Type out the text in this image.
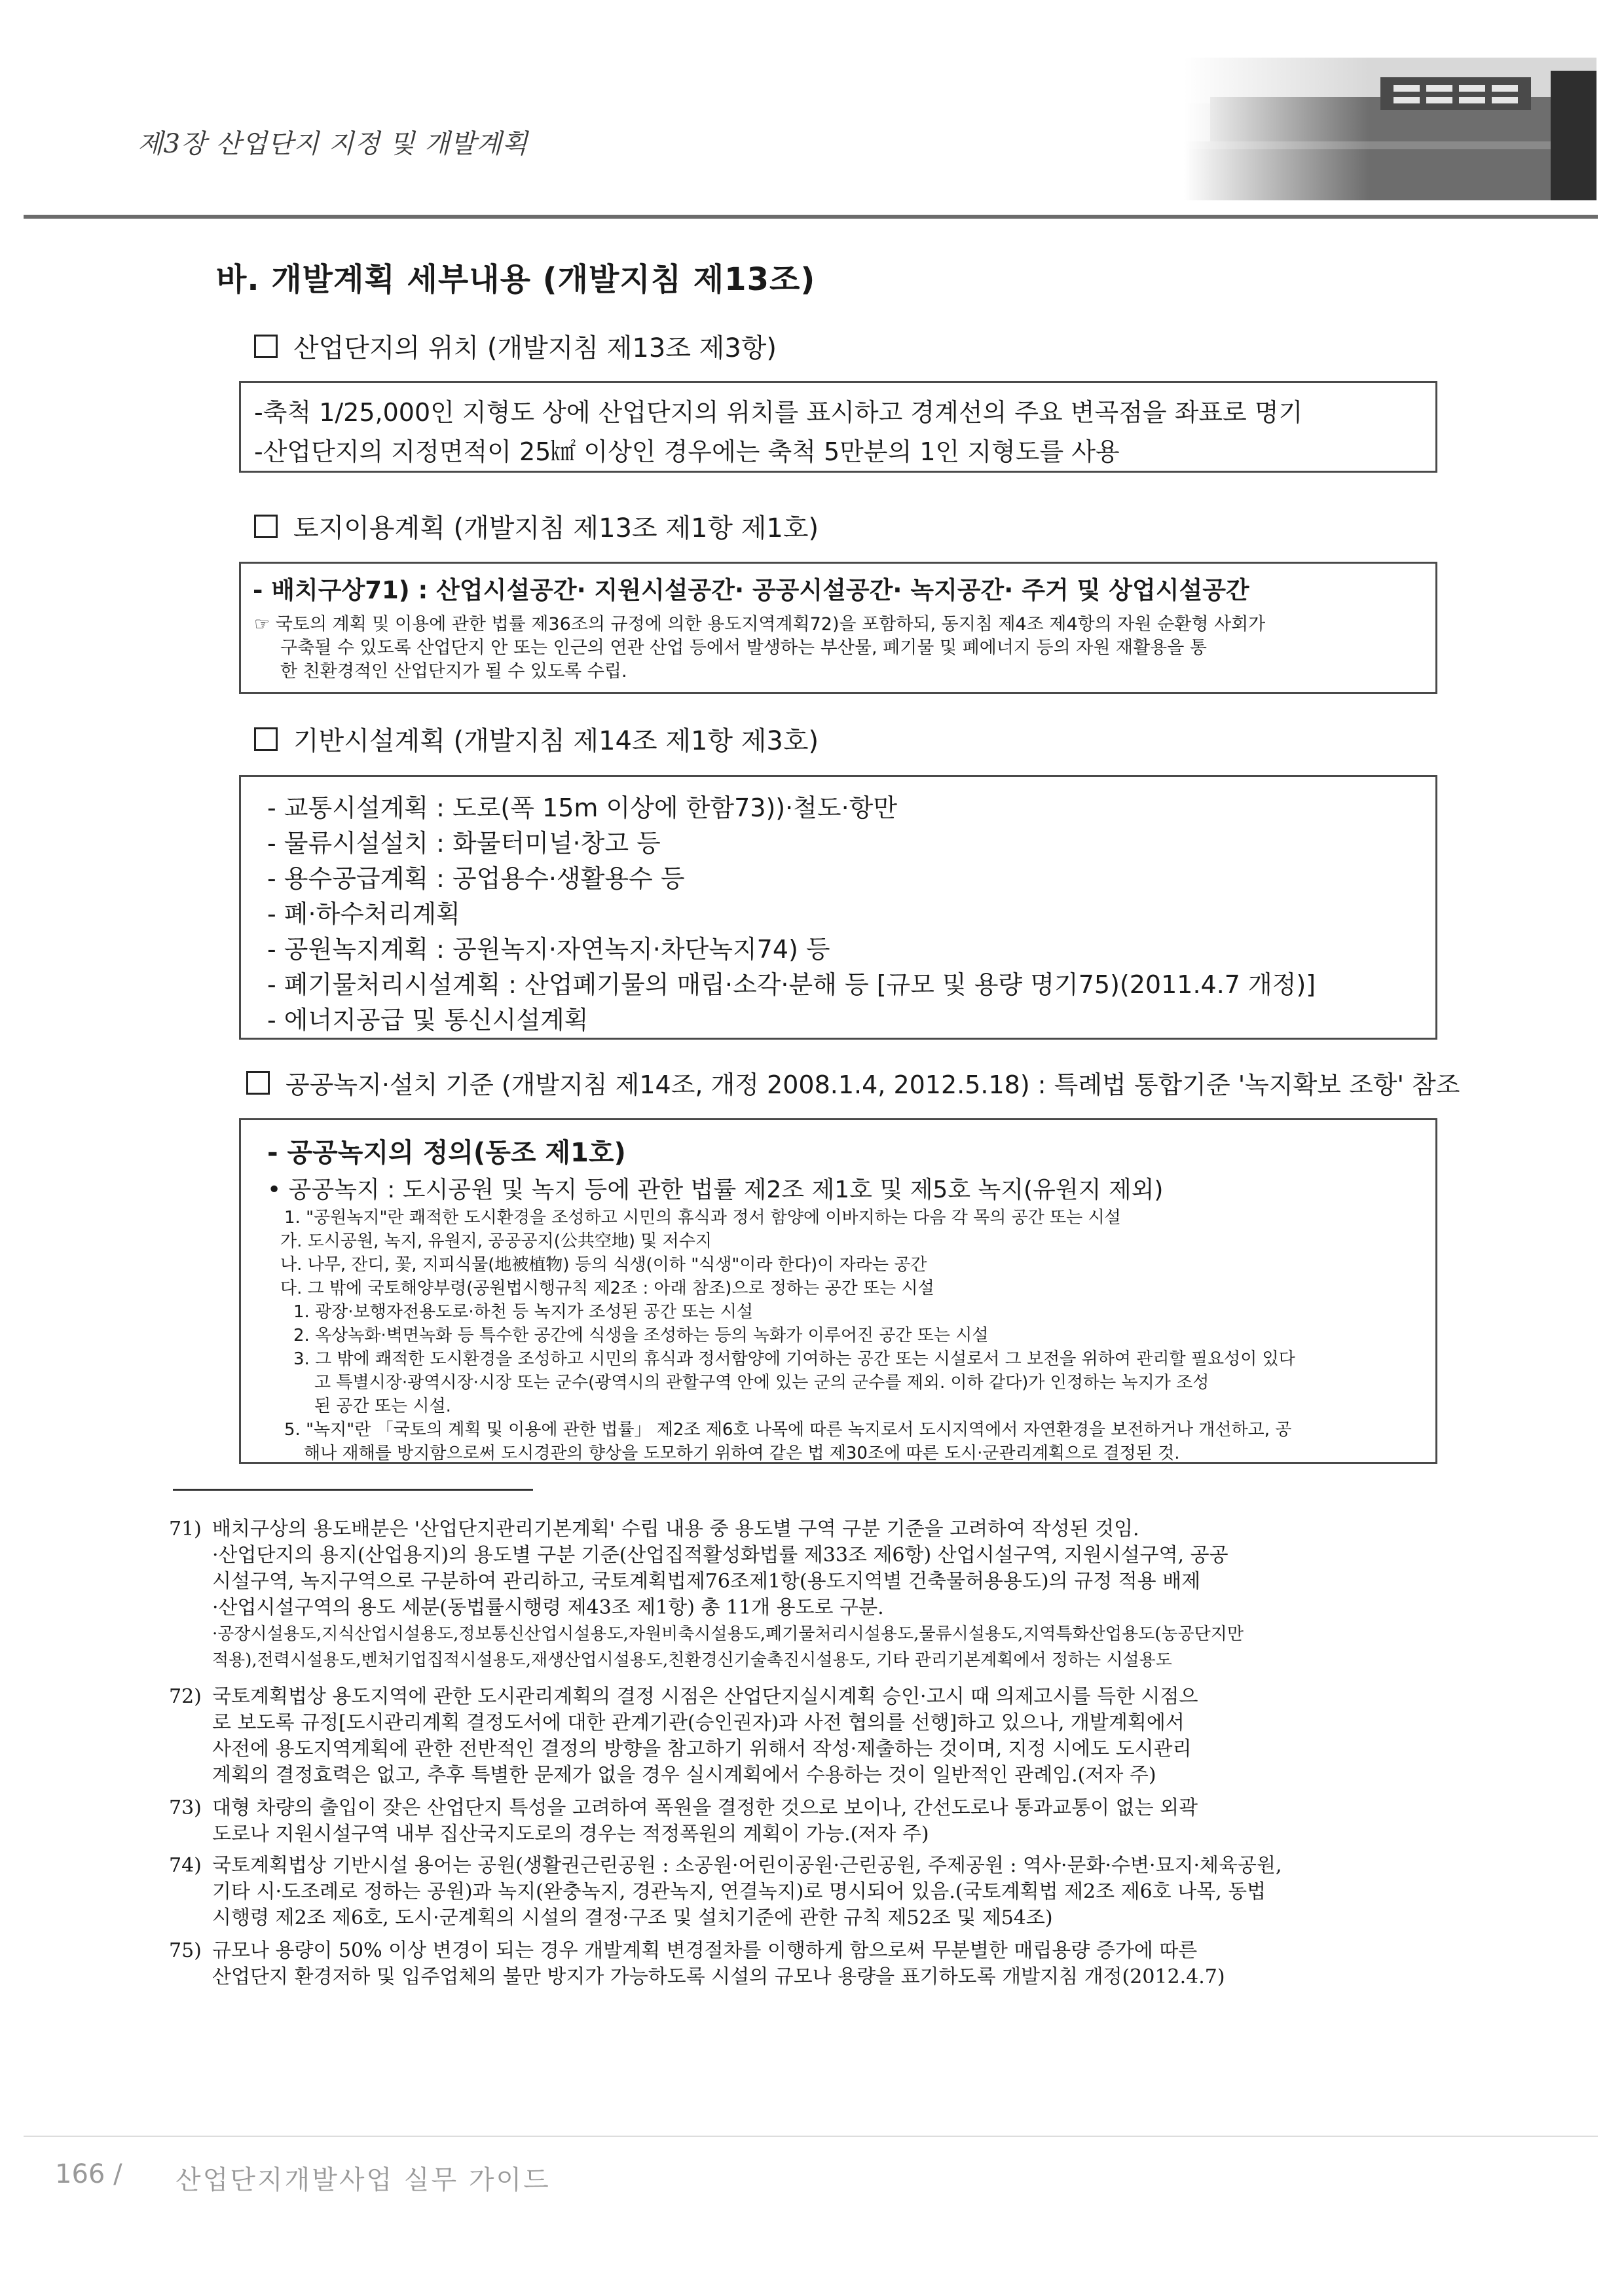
제3장 산업단지 지정 및 개발계획
바. 개발계획 세부내용 (개발지침 제13조)
산업단지의 위치 (개발지침 제13조 제3항)
-축척 1/25,000인 지형도 상에 산업단지의 위치를 표시하고 경계선의 주요 변곡점을 좌표로 명기
-산업단지의 지정면적이 25㎢ 이상인 경우에는 축척 5만분의 1인 지형도를 사용
토지이용계획 (개발지침 제13조 제1항 제1호)
- 배치구상71) : 산업시설공간· 지원시설공간· 공공시설공간· 녹지공간· 주거 및 상업시설공간
☞ 국토의 계획 및 이용에 관한 법률 제36조의 규정에 의한 용도지역계획72)을 포함하되, 동지침 제4조 제4항의 자원 순환형 사회가
구축될 수 있도록 산업단지 안 또는 인근의 연관 산업 등에서 발생하는 부산물, 폐기물 및 폐에너지 등의 자원 재활용을 통
한 친환경적인 산업단지가 될 수 있도록 수립.
기반시설계획 (개발지침 제14조 제1항 제3호)
- 교통시설계획 : 도로(폭 15m 이상에 한함73))·철도·항만
- 물류시설설치 : 화물터미널·창고 등
- 용수공급계획 : 공업용수·생활용수 등
- 폐·하수처리계획
- 공원녹지계획 : 공원녹지·자연녹지·차단녹지74) 등
- 폐기물처리시설계획 : 산업폐기물의 매립·소각·분해 등 [규모 및 용량 명기75)(2011.4.7 개정)]
- 에너지공급 및 통신시설계획
공공녹지·설치 기준 (개발지침 제14조, 개정 2008.1.4, 2012.5.18) : 특례법 통합기준 '녹지확보 조항' 참조
- 공공녹지의 정의(동조 제1호)
• 공공녹지 : 도시공원 및 녹지 등에 관한 법률 제2조 제1호 및 제5호 녹지(유원지 제외)
1. "공원녹지"란 쾌적한 도시환경을 조성하고 시민의 휴식과 정서 함양에 이바지하는 다음 각 목의 공간 또는 시설
가. 도시공원, 녹지, 유원지, 공공공지(公共空地) 및 저수지
나. 나무, 잔디, 꽃, 지피식물(地被植物) 등의 식생(이하 "식생"이라 한다)이 자라는 공간
다. 그 밖에 국토해양부령(공원법시행규칙 제2조 : 아래 참조)으로 정하는 공간 또는 시설
1. 광장·보행자전용도로·하천 등 녹지가 조성된 공간 또는 시설
2. 옥상녹화·벽면녹화 등 특수한 공간에 식생을 조성하는 등의 녹화가 이루어진 공간 또는 시설
3. 그 밖에 쾌적한 도시환경을 조성하고 시민의 휴식과 정서함양에 기여하는 공간 또는 시설로서 그 보전을 위하여 관리할 필요성이 있다
고 특별시장·광역시장·시장 또는 군수(광역시의 관할구역 안에 있는 군의 군수를 제외. 이하 같다)가 인정하는 녹지가 조성
된 공간 또는 시설.
5. "녹지"란 「국토의 계획 및 이용에 관한 법률」 제2조 제6호 나목에 따른 녹지로서 도시지역에서 자연환경을 보전하거나 개선하고, 공
해나 재해를 방지함으로써 도시경관의 향상을 도모하기 위하여 같은 법 제30조에 따른 도시·군관리계획으로 결정된 것.
71) 배치구상의 용도배분은 '산업단지관리기본계획' 수립 내용 중 용도별 구역 구분 기준을 고려하여 작성된 것임.
·산업단지의 용지(산업용지)의 용도별 구분 기준(산업집적활성화법률 제33조 제6항) 산업시설구역, 지원시설구역, 공공
시설구역, 녹지구역으로 구분하여 관리하고, 국토계획법제76조제1항(용도지역별 건축물허용용도)의 규정 적용 배제
·산업시설구역의 용도 세분(동법률시행령 제43조 제1항) 총 11개 용도로 구분.
·공장시설용도,지식산업시설용도,정보통신산업시설용도,자원비축시설용도,폐기물처리시설용도,물류시설용도,지역특화산업용도(농공단지만
적용),전력시설용도,벤처기업집적시설용도,재생산업시설용도,친환경신기술촉진시설용도, 기타 관리기본계획에서 정하는 시설용도
72) 국토계획법상 용도지역에 관한 도시관리계획의 결정 시점은 산업단지실시계획 승인·고시 때 의제고시를 득한 시점으
로 보도록 규정[도시관리계획 결정도서에 대한 관계기관(승인권자)과 사전 협의를 선행]하고 있으나, 개발계획에서
사전에 용도지역계획에 관한 전반적인 결정의 방향을 참고하기 위해서 작성·제출하는 것이며, 지정 시에도 도시관리
계획의 결정효력은 없고, 추후 특별한 문제가 없을 경우 실시계획에서 수용하는 것이 일반적인 관례임.(저자 주)
73) 대형 차량의 출입이 잦은 산업단지 특성을 고려하여 폭원을 결정한 것으로 보이나, 간선도로나 통과교통이 없는 외곽
도로나 지원시설구역 내부 집산국지도로의 경우는 적정폭원의 계획이 가능.(저자 주)
74) 국토계획법상 기반시설 용어는 공원(생활권근린공원 : 소공원·어린이공원·근린공원, 주제공원 : 역사·문화·수변·묘지·체육공원,
기타 시·도조례로 정하는 공원)과 녹지(완충녹지, 경관녹지, 연결녹지)로 명시되어 있음.(국토계획법 제2조 제6호 나목, 동법
시행령 제2조 제6호, 도시·군계획의 시설의 결정·구조 및 설치기준에 관한 규칙 제52조 및 제54조)
75) 규모나 용량이 50% 이상 변경이 되는 경우 개발계획 변경절차를 이행하게 함으로써 무분별한 매립용량 증가에 따른
산업단지 환경저하 및 입주업체의 불만 방지가 가능하도록 시설의 규모나 용량을 표기하도록 개발지침 개정(2012.4.7)
166 / 산업단지개발사업 실무 가이드
